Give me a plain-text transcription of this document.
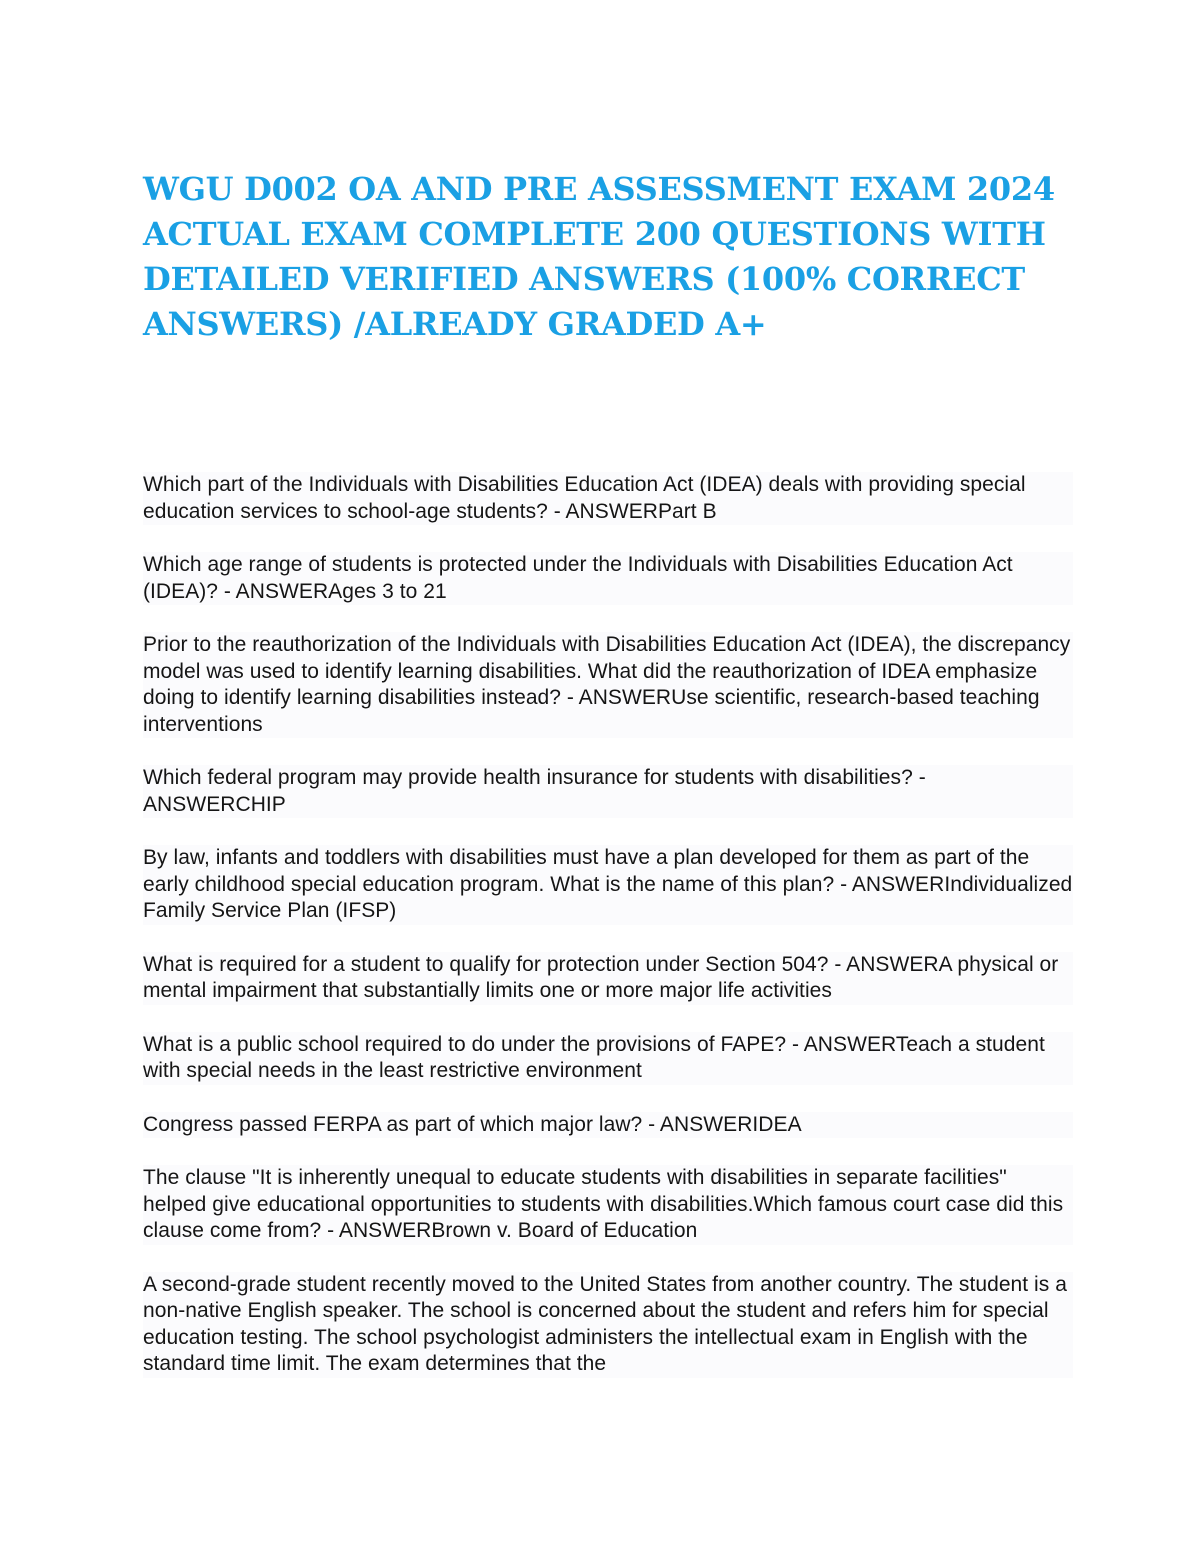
WGU D002 OA AND PRE ASSESSMENT EXAM 2024 ACTUAL EXAM COMPLETE 200 QUESTIONS WITH DETAILED VERIFIED ANSWERS (100% CORRECT ANSWERS) /ALREADY GRADED A+
Which part of the Individuals with Disabilities Education Act (IDEA) deals with providing special education services to school-age students? - ANSWERPart B
Which age range of students is protected under the Individuals with Disabilities Education Act (IDEA)? - ANSWERAges 3 to 21
Prior to the reauthorization of the Individuals with Disabilities Education Act (IDEA), the discrepancy model was used to identify learning disabilities. What did the reauthorization of IDEA emphasize doing to identify learning disabilities instead? - ANSWERUse scientific, research-based teaching interventions
Which federal program may provide health insurance for students with disabilities? - ANSWERCHIP
By law, infants and toddlers with disabilities must have a plan developed for them as part of the early childhood special education program. What is the name of this plan? - ANSWERIndividualized Family Service Plan (IFSP)
What is required for a student to qualify for protection under Section 504? - ANSWERA physical or mental impairment that substantially limits one or more major life activities
What is a public school required to do under the provisions of FAPE? - ANSWERTeach a student with special needs in the least restrictive environment
Congress passed FERPA as part of which major law? - ANSWERIDEA
The clause "It is inherently unequal to educate students with disabilities in separate facilities" helped give educational opportunities to students with disabilities.Which famous court case did this clause come from? - ANSWERBrown v. Board of Education
A second-grade student recently moved to the United States from another country. The student is a non-native English speaker. The school is concerned about the student and refers him for special education testing. The school psychologist administers the intellectual exam in English with the standard time limit. The exam determines that the
